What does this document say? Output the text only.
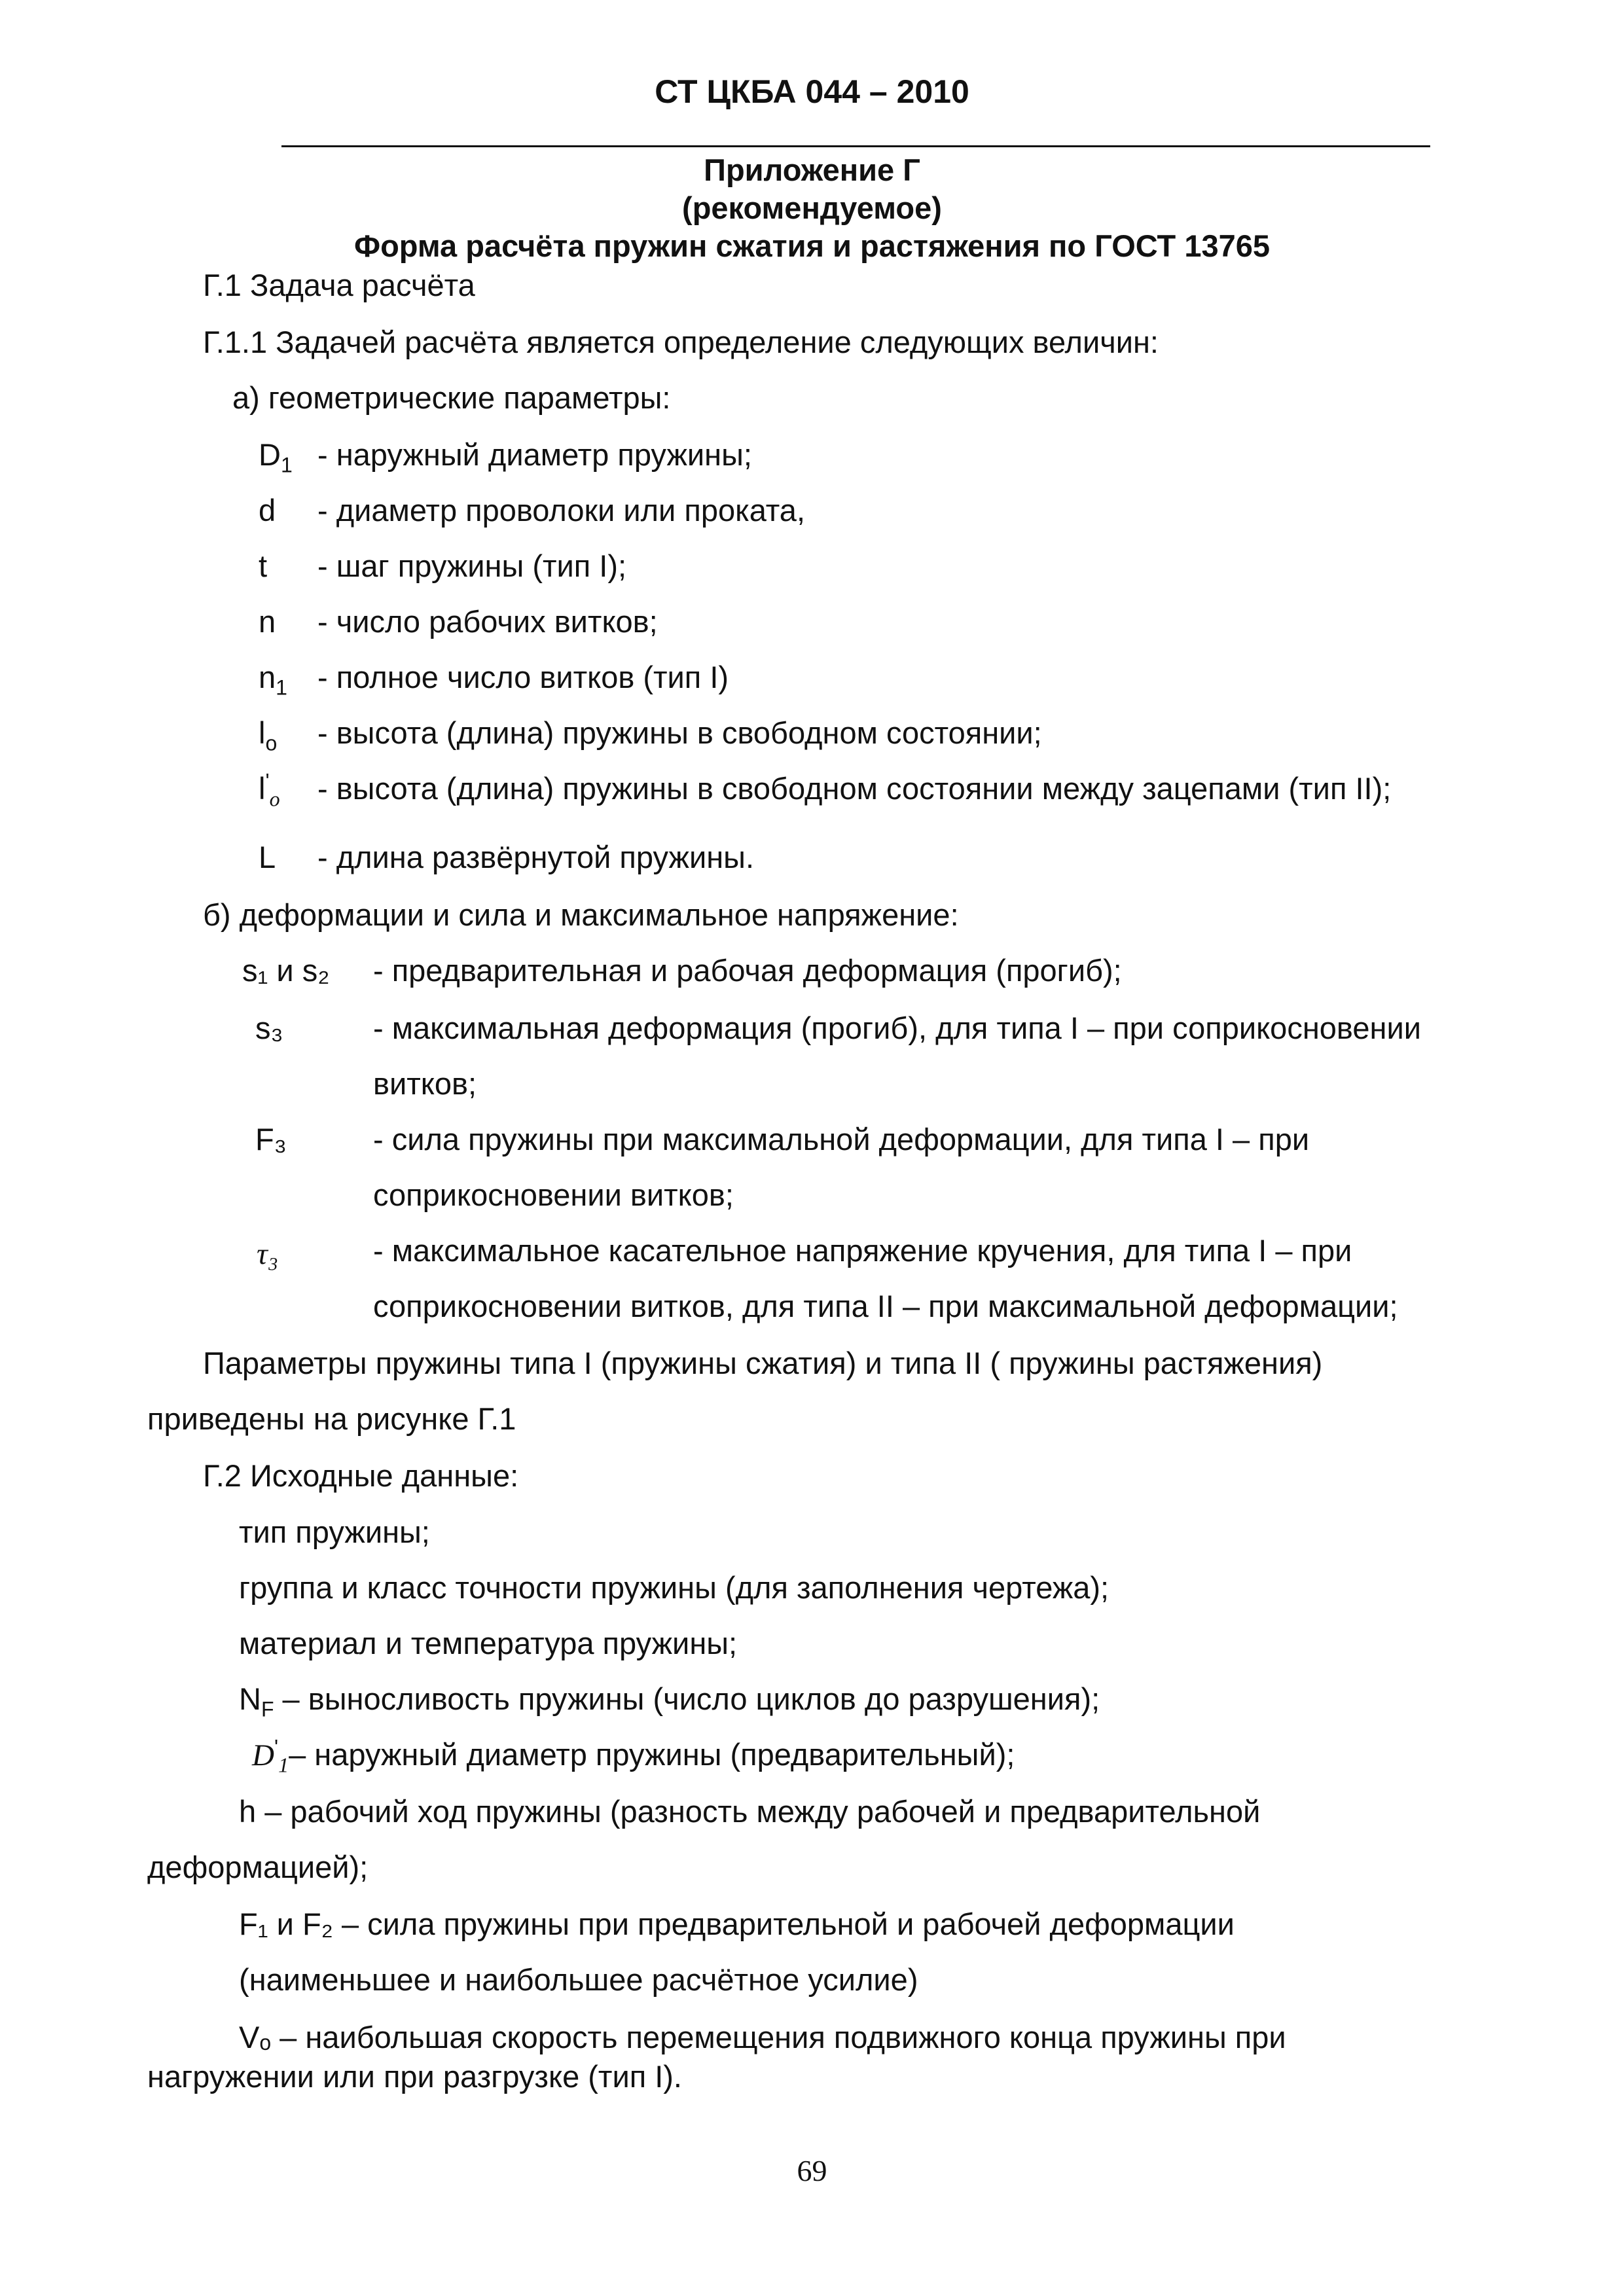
СТ ЦКБА 044 – 2010
Приложение Г
(рекомендуемое)
Форма расчёта пружин сжатия и растяжения по ГОСТ 13765
Г.1 Задача расчёта
Г.1.1 Задачей расчёта является определение следующих величин:
а) геометрические параметры:
$D_1$ - наружный диаметр пружины;
d - диаметр проволоки или проката,
t - шаг пружины (тип I);
n - число рабочих витков;
$n_1$ - полное число витков (тип I)
$l_o$ - высота (длина) пружины в свободном состоянии;
$l'_o$ - высота (длина) пружины в свободном состоянии между зацепами (тип II);
L - длина развёрнутой пружины.
б) деформации и сила и максимальное напряжение:
s₁ и s₂ - предварительная и рабочая деформация (прогиб);
s₃	- максимальная деформация (прогиб), для типа I – при соприкосновении
витков;
F₃	- сила пружины при максимальной деформации, для типа I – при
соприкосновении витков;
τ₃	- максимальное касательное напряжение кручения, для типа I – при
соприкосновении витков, для типа II – при максимальной деформации;
Параметры пружины типа I (пружины сжатия) и типа II ( пружины растяжения)
приведены на рисунке Г.1
Г.2 Исходные данные:
тип пружины;
группа и класс точности пружины (для заполнения чертежа);
материал и температура пружины;
$N_F$ – выносливость пружины (число циклов до разрушения);
$D'_1-$ наружный диаметр пружины (предварительный);
h – рабочий ход пружины (разность между рабочей и предварительной
деформацией);
F₁ и F₂ – сила пружины при предварительной и рабочей деформации
(наименьшее и наибольшее расчётное усилие)
Vₒ – наибольшая скорость перемещения подвижного конца пружины при
нагружении или при разгрузке (тип I).
69
